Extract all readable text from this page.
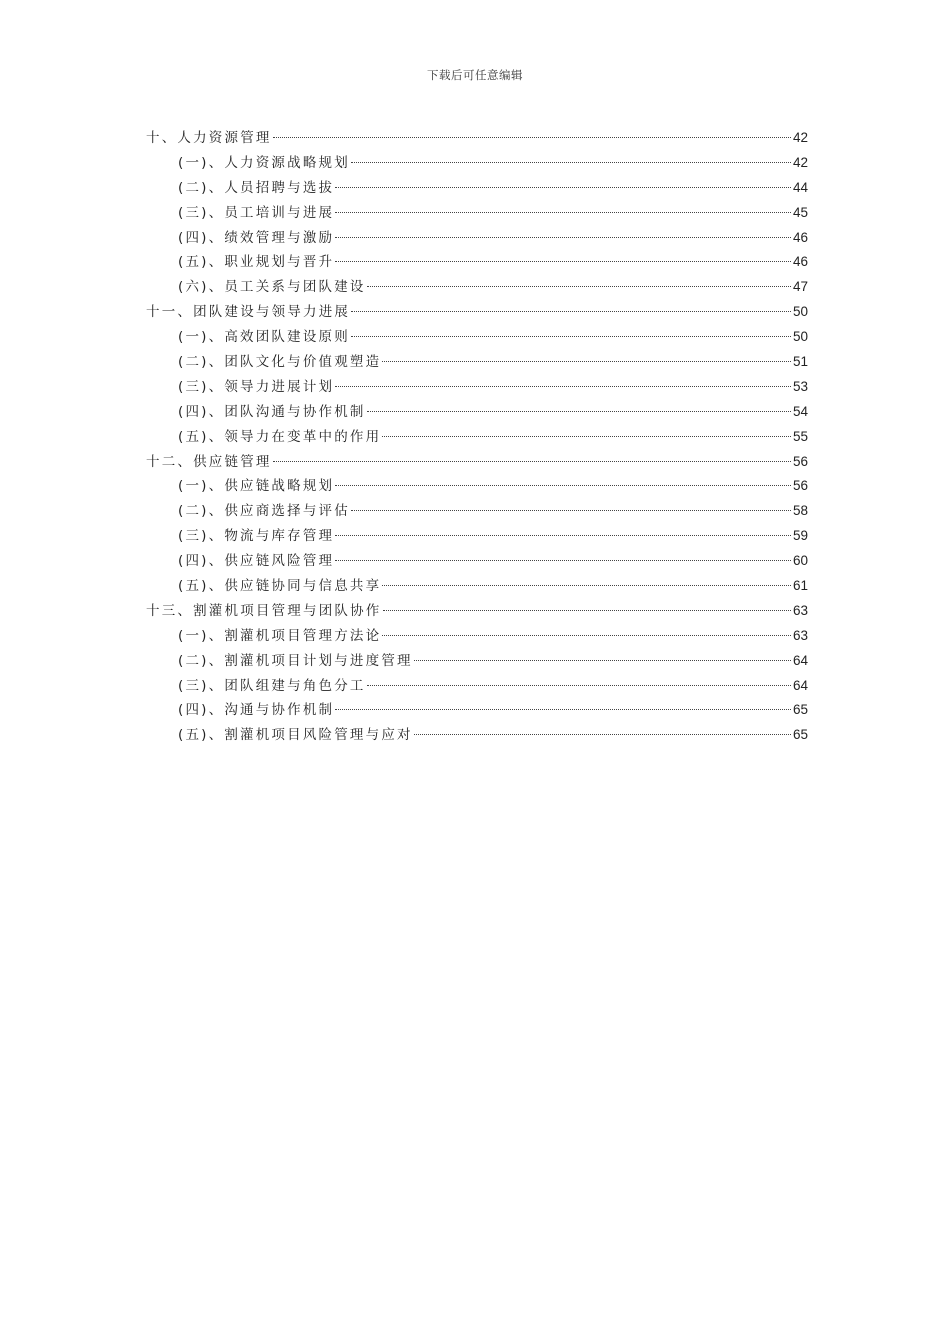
下载后可任意编辑
十、人力资源管理	42
(一)、人力资源战略规划	42
(二)、人员招聘与选拔	44
(三)、员工培训与进展	45
(四)、绩效管理与激励	46
(五)、职业规划与晋升	46
(六)、员工关系与团队建设	47
十一、团队建设与领导力进展	50
(一)、高效团队建设原则	50
(二)、团队文化与价值观塑造	51
(三)、领导力进展计划	53
(四)、团队沟通与协作机制	54
(五)、领导力在变革中的作用	55
十二、供应链管理	56
(一)、供应链战略规划	56
(二)、供应商选择与评估	58
(三)、物流与库存管理	59
(四)、供应链风险管理	60
(五)、供应链协同与信息共享	61
十三、割灌机项目管理与团队协作	63
(一)、割灌机项目管理方法论	63
(二)、割灌机项目计划与进度管理	64
(三)、团队组建与角色分工	64
(四)、沟通与协作机制	65
(五)、割灌机项目风险管理与应对	65
